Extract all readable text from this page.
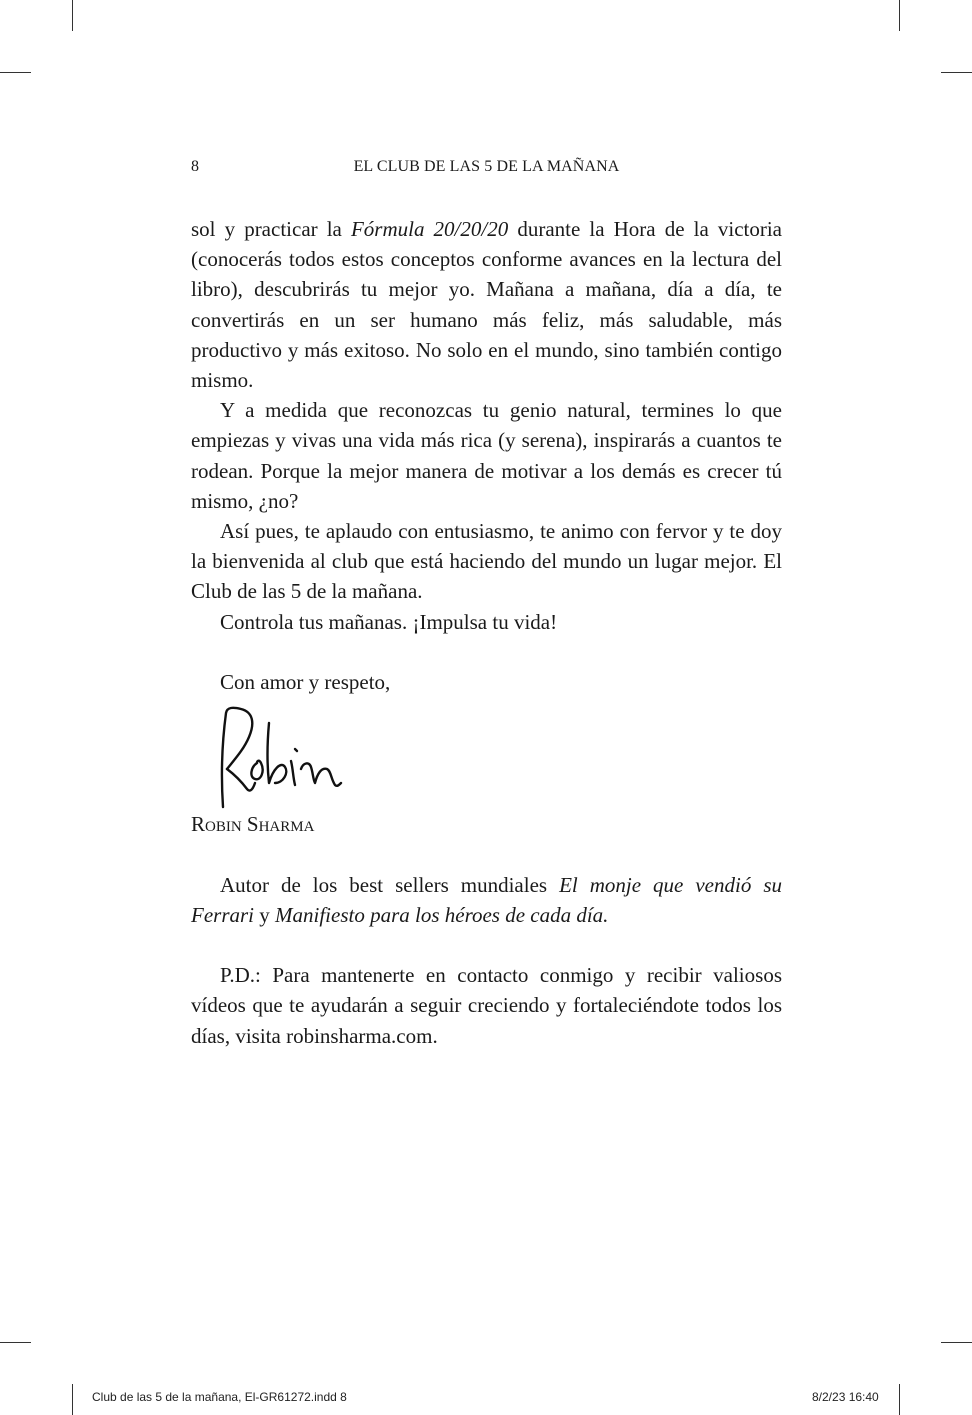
8	EL CLUB DE LAS 5 DE LA MAÑANA

sol y practicar la Fórmula 20/20/20 durante la Hora de la victoria (conocerás todos estos conceptos conforme avances en la lectura del libro), descubrirás tu mejor yo. Mañana a mañana, día a día, te convertirás en un ser humano más feliz, más saludable, más productivo y más exitoso. No solo en el mundo, sino también contigo mismo.

Y a medida que reconozcas tu genio natural, termines lo que empiezas y vivas una vida más rica (y serena), inspirarás a cuantos te rodean. Porque la mejor manera de motivar a los demás es crecer tú mismo, ¿no?

Así pues, te aplaudo con entusiasmo, te animo con fervor y te doy la bienvenida al club que está haciendo del mundo un lugar mejor. El Club de las 5 de la mañana.

Controla tus mañanas. ¡Impulsa tu vida!

Con amor y respeto,

Robin Sharma

Autor de los best sellers mundiales El monje que vendió su Ferrari y Manifiesto para los héroes de cada día.

P.D.: Para mantenerte en contacto conmigo y recibir valiosos vídeos que te ayudarán a seguir creciendo y fortaleciéndote todos los días, visita robinsharma.com.

Club de las 5 de la mañana, El-GR61272.indd 8	8/2/23 16:40
